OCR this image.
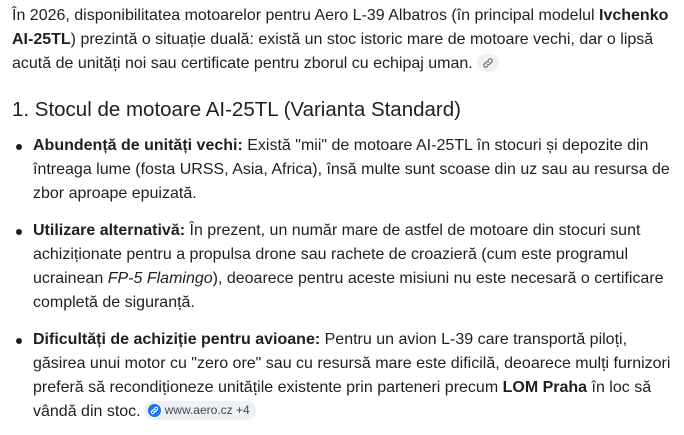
În 2026, disponibilitatea motoarelor pentru Aero L-39 Albatros (în principal modelul Ivchenko AI-25TL) prezintă o situație duală: există un stoc istoric mare de motoare vechi, dar o lipsă acută de unități noi sau certificate pentru zborul cu echipaj uman.

1. Stocul de motoare AI-25TL (Varianta Standard)
Abundență de unități vechi: Există "mii" de motoare AI-25TL în stocuri și depozite din întreaga lume (fosta URSS, Asia, Africa), însă multe sunt scoase din uz sau au resursa de zbor aproape epuizată.
Utilizare alternativă: În prezent, un număr mare de astfel de motoare din stocuri sunt achiziționate pentru a propulsa drone sau rachete de croazieră (cum este programul ucrainean FP-5 Flamingo), deoarece pentru aceste misiuni nu este necesară o certificare completă de siguranță.
Dificultăți de achiziție pentru avioane: Pentru un avion L-39 care transportă piloți, găsirea unui motor cu "zero ore" sau cu resursă mare este dificilă, deoarece mulți furnizori preferă să recondiționeze unitățile existente prin parteneri precum LOM Praha în loc să vândă din stoc. www.aero.cz +4
